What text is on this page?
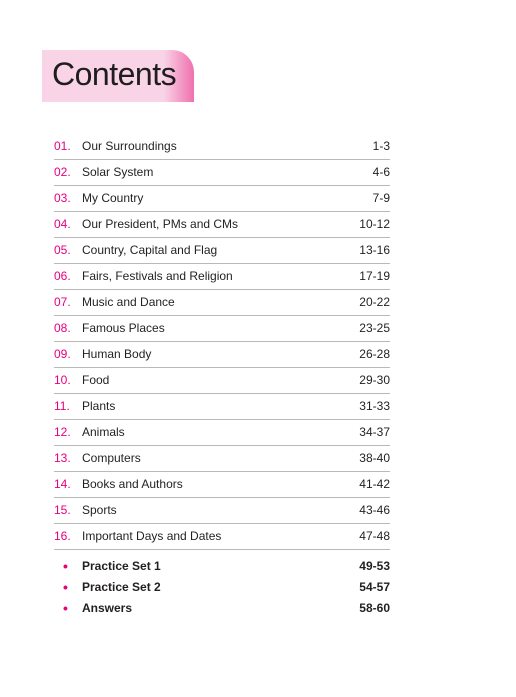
Contents
01. Our Surroundings	1-3
02. Solar System	4-6
03. My Country	7-9
04. Our President, PMs and CMs	10-12
05. Country, Capital and Flag	13-16
06. Fairs, Festivals and Religion	17-19
07. Music and Dance	20-22
08. Famous Places	23-25
09. Human Body	26-28
10. Food	29-30
11. Plants	31-33
12. Animals	34-37
13. Computers	38-40
14. Books and Authors	41-42
15. Sports	43-46
16. Important Days and Dates	47-48
• Practice Set 1	49-53
• Practice Set 2	54-57
• Answers	58-60
